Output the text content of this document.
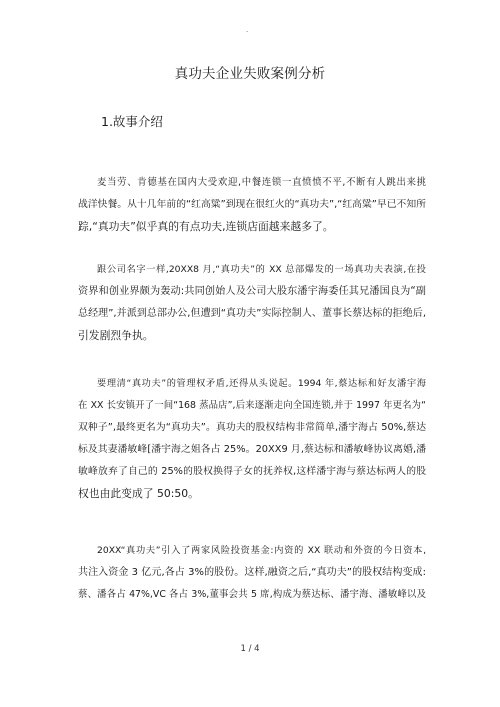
.
真功夫企业失败案例分析
1.故事介绍
麦当劳、肯德基在国内大受欢迎,中餐连锁一直愤愤不平,不断有人跳出来挑
战洋快餐。从十几年前的“红高粱”到现在很红火的“真功夫”,“红高粱”早已不知所
踪,“真功夫”似乎真的有点功夫,连锁店面越来越多了。
跟公司名字一样,20XX8 月,“真功夫”的 XX 总部爆发的一场真功夫表演,在投
资界和创业界颇为轰动:共同创始人及公司大股东潘宇海委任其兄潘国良为“副
总经理”,并派到总部办公,但遭到“真功夫”实际控制人、董事长蔡达标的拒绝后,
引发剧烈争执。
要理清“真功夫”的管理权矛盾,还得从头说起。1994 年,蔡达标和好友潘宇海
在 XX 长安镇开了一间“168 蒸品店”,后来逐渐走向全国连锁,并于 1997 年更名为“
双种子”,最终更名为“真功夫”。真功夫的股权结构非常简单,潘宇海占 50%,蔡达
标及其妻潘敏峰[潘宇海之姐各占 25%。20XX9 月,蔡达标和潘敏峰协议离婚,潘
敏峰放弃了自己的 25%的股权换得子女的抚养权,这样潘宇海与蔡达标两人的股
权也由此变成了 50:50。
20XX“真功夫”引入了两家风险投资基金:内资的 XX 联动和外资的今日资本,
共注入资金 3 亿元,各占 3%的股份。这样,融资之后,“真功夫”的股权结构变成:
蔡、潘各占 47%,VC 各占 3%,董事会共 5 席,构成为蔡达标、潘宇海、潘敏峰以及
1 / 4
